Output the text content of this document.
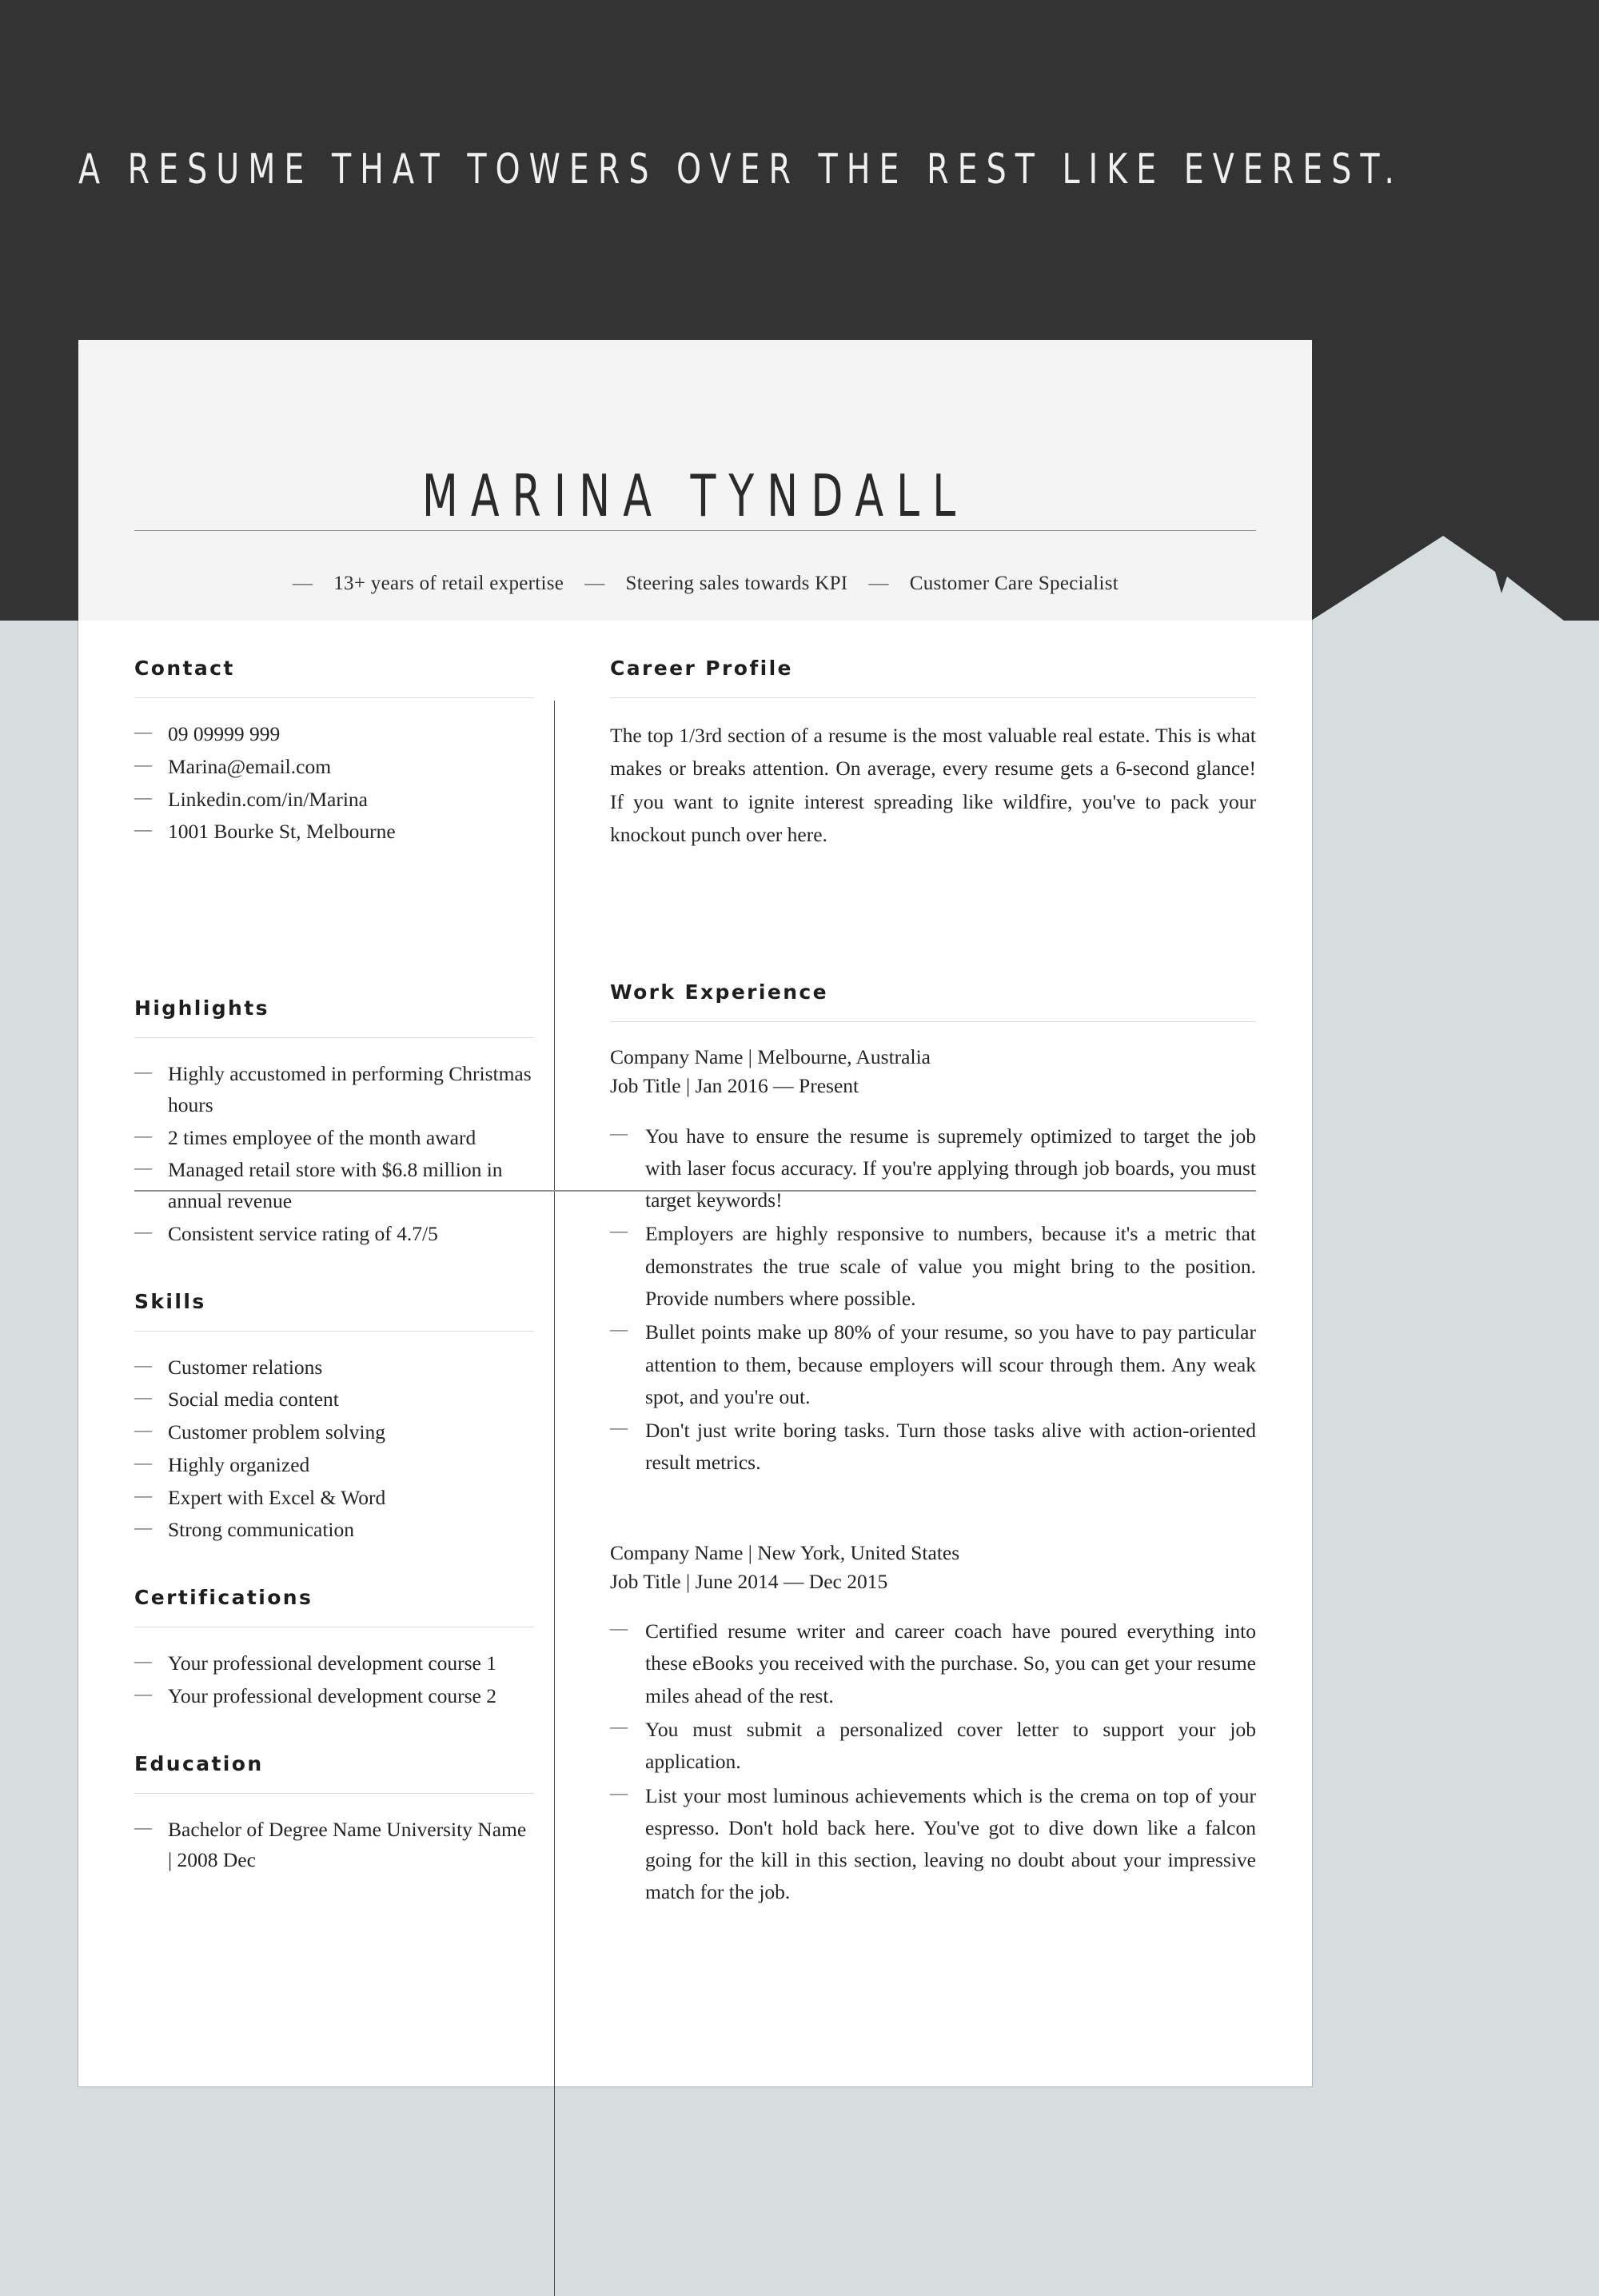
A RESUME THAT TOWERS OVER THE REST LIKE EVEREST.
MARINA TYNDALL
— 13+ years of retail expertise — Steering sales towards KPI — Customer Care Specialist
Contact
— 09 09999 999
— Marina@email.com
— Linkedin.com/in/Marina
— 1001 Bourke St, Melbourne
Highlights
— Highly accustomed in performing Christmas hours
— 2 times employee of the month award
— Managed retail store with $6.8 million in annual revenue
— Consistent service rating of 4.7/5
Skills
— Customer relations
— Social media content
— Customer problem solving
— Highly organized
— Expert with Excel & Word
— Strong communication
Certifications
— Your professional development course 1
— Your professional development course 2
Education
— Bachelor of Degree Name University Name | 2008 Dec
Career Profile

The top 1/3rd section of a resume is the most valuable real estate. This is what makes or breaks attention. On average, every resume gets a 6-second glance! If you want to ignite interest spreading like wildfire, you've to pack your knockout punch over here.

Work Experience
Company Name | Melbourne, Australia
Job Title | Jan 2016 — Present
— You have to ensure the resume is supremely optimized to target the job with laser focus accuracy. If you're applying through job boards, you must target keywords!
— Employers are highly responsive to numbers, because it's a metric that demonstrates the true scale of value you might bring to the position. Provide numbers where possible.
— Bullet points make up 80% of your resume, so you have to pay particular attention to them, because employers will scour through them. Any weak spot, and you're out.
— Don't just write boring tasks. Turn those tasks alive with action-oriented result metrics.
Company Name | New York, United States
Job Title | June 2014 — Dec 2015
— Certified resume writer and career coach have poured everything into these eBooks you received with the purchase. So, you can get your resume miles ahead of the rest.
— You must submit a personalized cover letter to support your job application.
— List your most luminous achievements which is the crema on top of your espresso. Don't hold back here. You've got to dive down like a falcon going for the kill in this section, leaving no doubt about your impressive match for the job.
